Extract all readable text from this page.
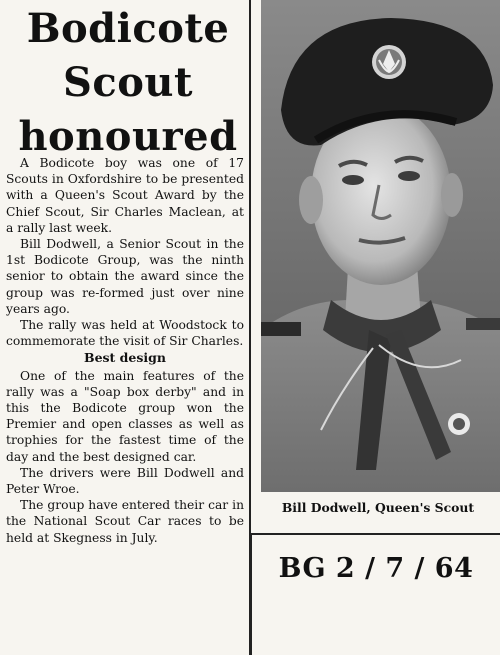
Bodicote
Scout
honoured

A Bodicote boy was one of 17 Scouts in Oxfordshire to be presented with a Queen's Scout Award by the Chief Scout, Sir Charles Maclean, at a rally last week.

Bill Dodwell, a Senior Scout in the 1st Bodicote Group, was the ninth senior to obtain the award since the group was re-formed just over nine years ago.

The rally was held at Woodstock to commemorate the visit of Sir Charles.

Best design

One of the main features of the rally was a "Soap box derby" and in this the Bodicote group won the Premier and open classes as well as trophies for the fastest time of the day and the best designed car.

The drivers were Bill Dodwell and Peter Wroe.

The group have entered their car in the National Scout Car races to be held at Skegness in July.

Bill Dodwell, Queen's Scout
BG 2 / 7 / 64
